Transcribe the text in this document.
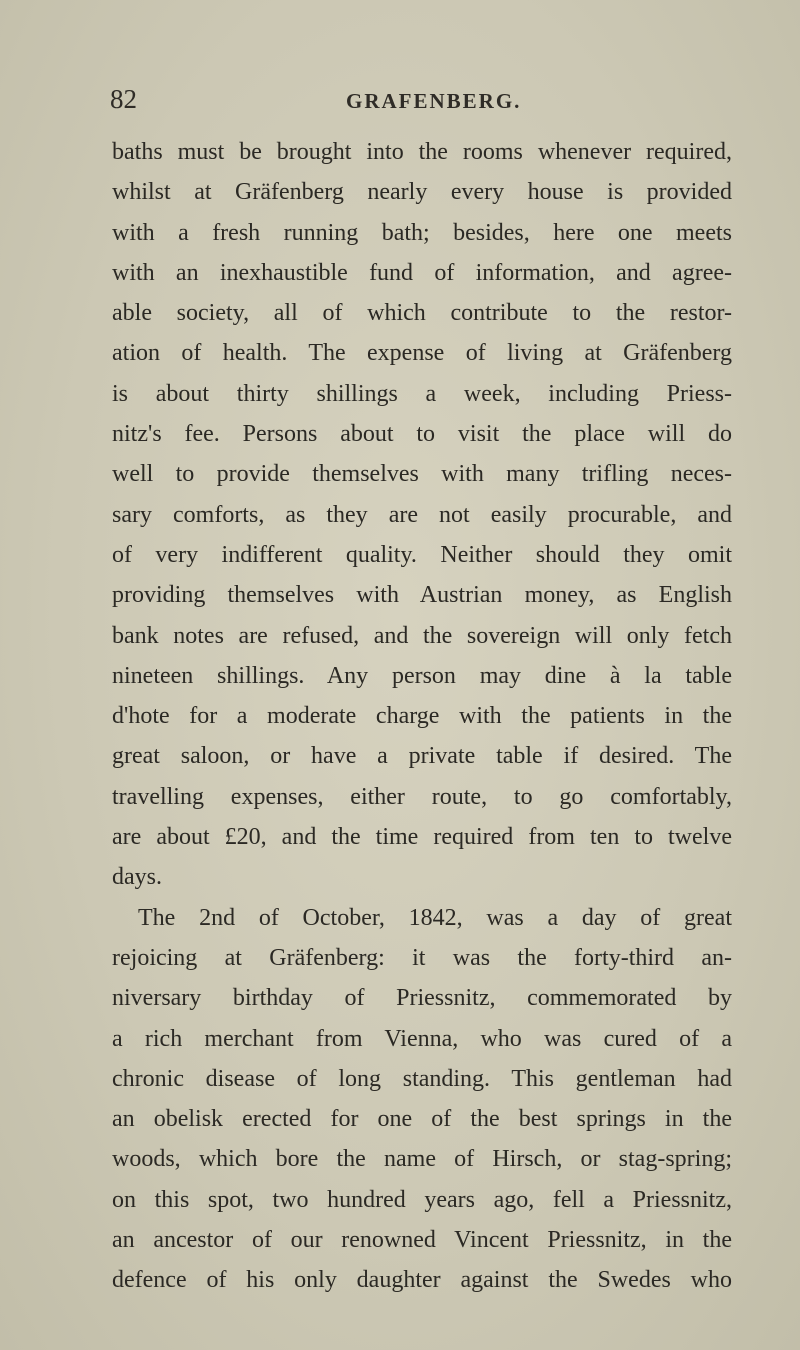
82	GRAFENBERG.
baths must be brought into the rooms whenever required,
whilst at Gräfenberg nearly every house is provided
with a fresh running bath; besides, here one meets
with an inexhaustible fund of information, and agree-
able society, all of which contribute to the restor-
ation of health. The expense of living at Gräfenberg
is about thirty shillings a week, including Priess-
nitz's fee. Persons about to visit the place will do
well to provide themselves with many trifling neces-
sary comforts, as they are not easily procurable, and
of very indifferent quality. Neither should they omit
providing themselves with Austrian money, as English
bank notes are refused, and the sovereign will only fetch
nineteen shillings. Any person may dine à la table
d'hote for a moderate charge with the patients in the
great saloon, or have a private table if desired. The
travelling expenses, either route, to go comfortably,
are about £20, and the time required from ten to twelve
days.
The 2nd of October, 1842, was a day of great
rejoicing at Gräfenberg: it was the forty-third an-
niversary birthday of Priessnitz, commemorated by
a rich merchant from Vienna, who was cured of a
chronic disease of long standing. This gentleman had
an obelisk erected for one of the best springs in the
woods, which bore the name of Hirsch, or stag-spring;
on this spot, two hundred years ago, fell a Priessnitz,
an ancestor of our renowned Vincent Priessnitz, in the
defence of his only daughter against the Swedes who
